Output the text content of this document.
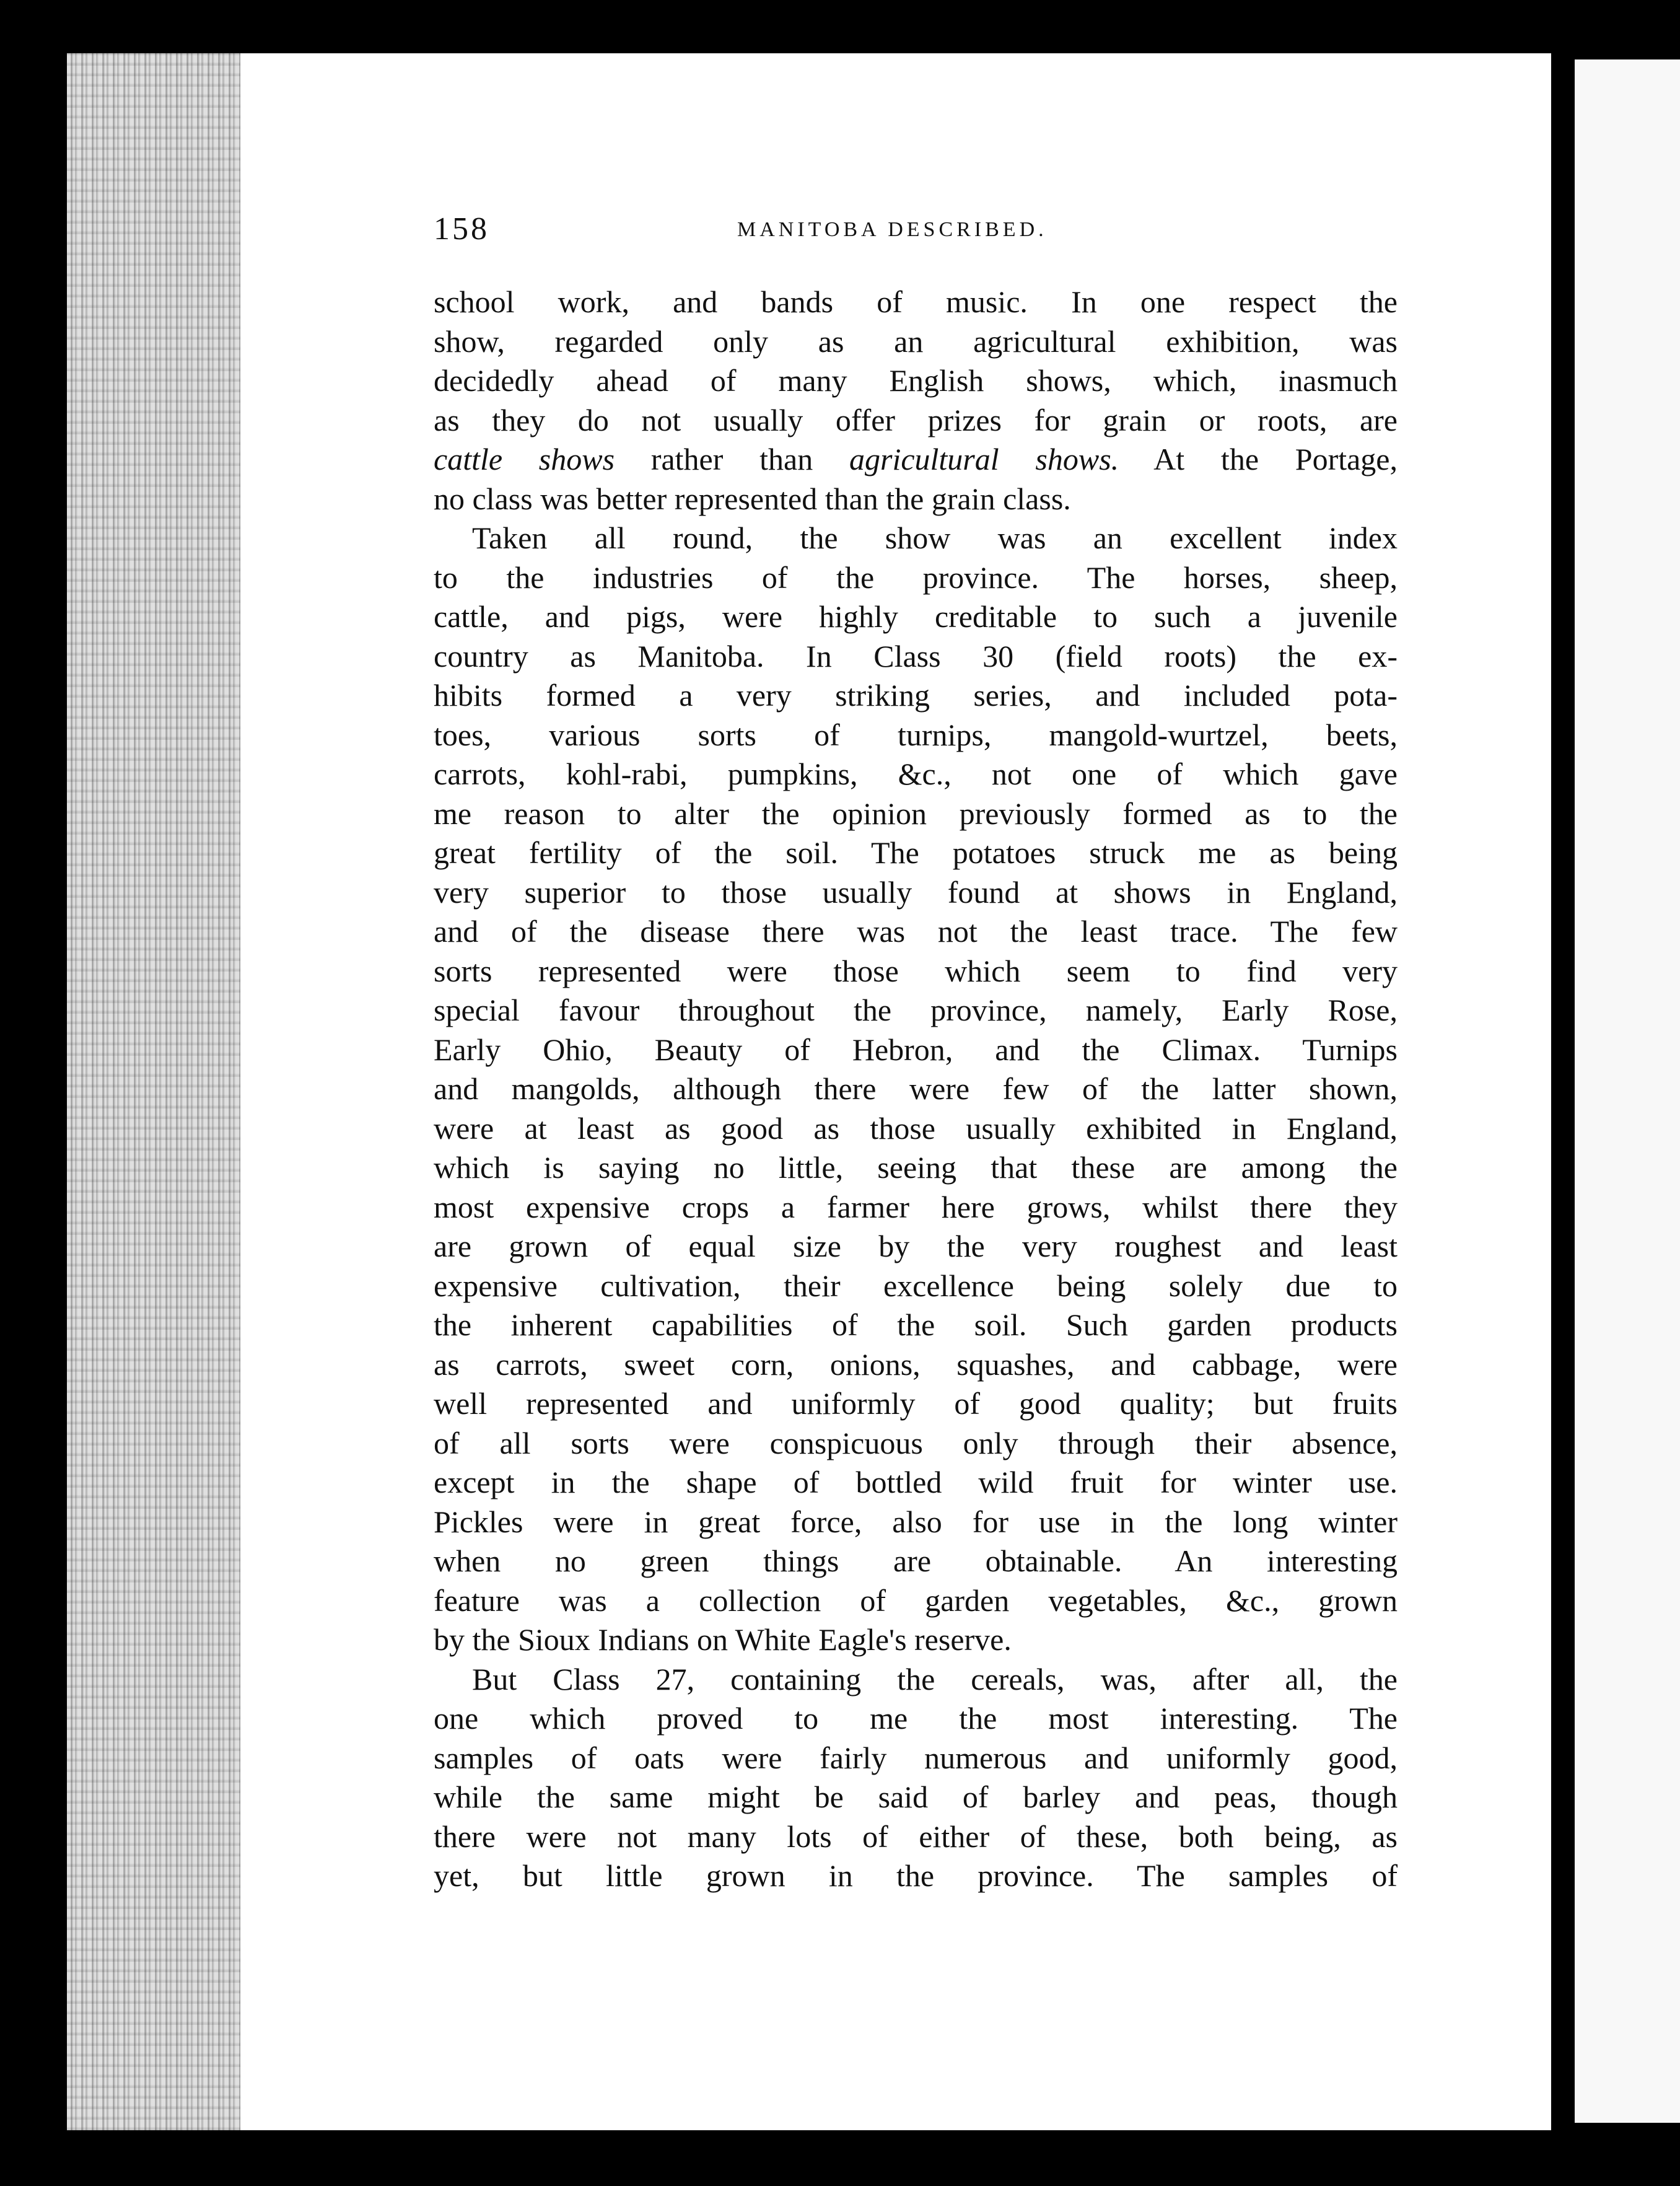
158	MANITOBA DESCRIBED.
school work, and bands of music. In one respect the
show, regarded only as an agricultural exhibition, was
decidedly ahead of many English shows, which, inasmuch
as they do not usually offer prizes for grain or roots, are
cattle shows rather than agricultural shows. At the Portage,
no class was better represented than the grain class.
Taken all round, the show was an excellent index
to the industries of the province. The horses, sheep,
cattle, and pigs, were highly creditable to such a juvenile
country as Manitoba. In Class 30 (field roots) the ex-
hibits formed a very striking series, and included pota-
toes, various sorts of turnips, mangold-wurtzel, beets,
carrots, kohl-rabi, pumpkins, &c., not one of which gave
me reason to alter the opinion previously formed as to the
great fertility of the soil. The potatoes struck me as being
very superior to those usually found at shows in England,
and of the disease there was not the least trace. The few
sorts represented were those which seem to find very
special favour throughout the province, namely, Early Rose,
Early Ohio, Beauty of Hebron, and the Climax. Turnips
and mangolds, although there were few of the latter shown,
were at least as good as those usually exhibited in England,
which is saying no little, seeing that these are among the
most expensive crops a farmer here grows, whilst there they
are grown of equal size by the very roughest and least
expensive cultivation, their excellence being solely due to
the inherent capabilities of the soil. Such garden products
as carrots, sweet corn, onions, squashes, and cabbage, were
well represented and uniformly of good quality; but fruits
of all sorts were conspicuous only through their absence,
except in the shape of bottled wild fruit for winter use.
Pickles were in great force, also for use in the long winter
when no green things are obtainable. An interesting
feature was a collection of garden vegetables, &c., grown
by the Sioux Indians on White Eagle's reserve.
But Class 27, containing the cereals, was, after all, the
one which proved to me the most interesting. The
samples of oats were fairly numerous and uniformly good,
while the same might be said of barley and peas, though
there were not many lots of either of these, both being, as
yet, but little grown in the province. The samples of
